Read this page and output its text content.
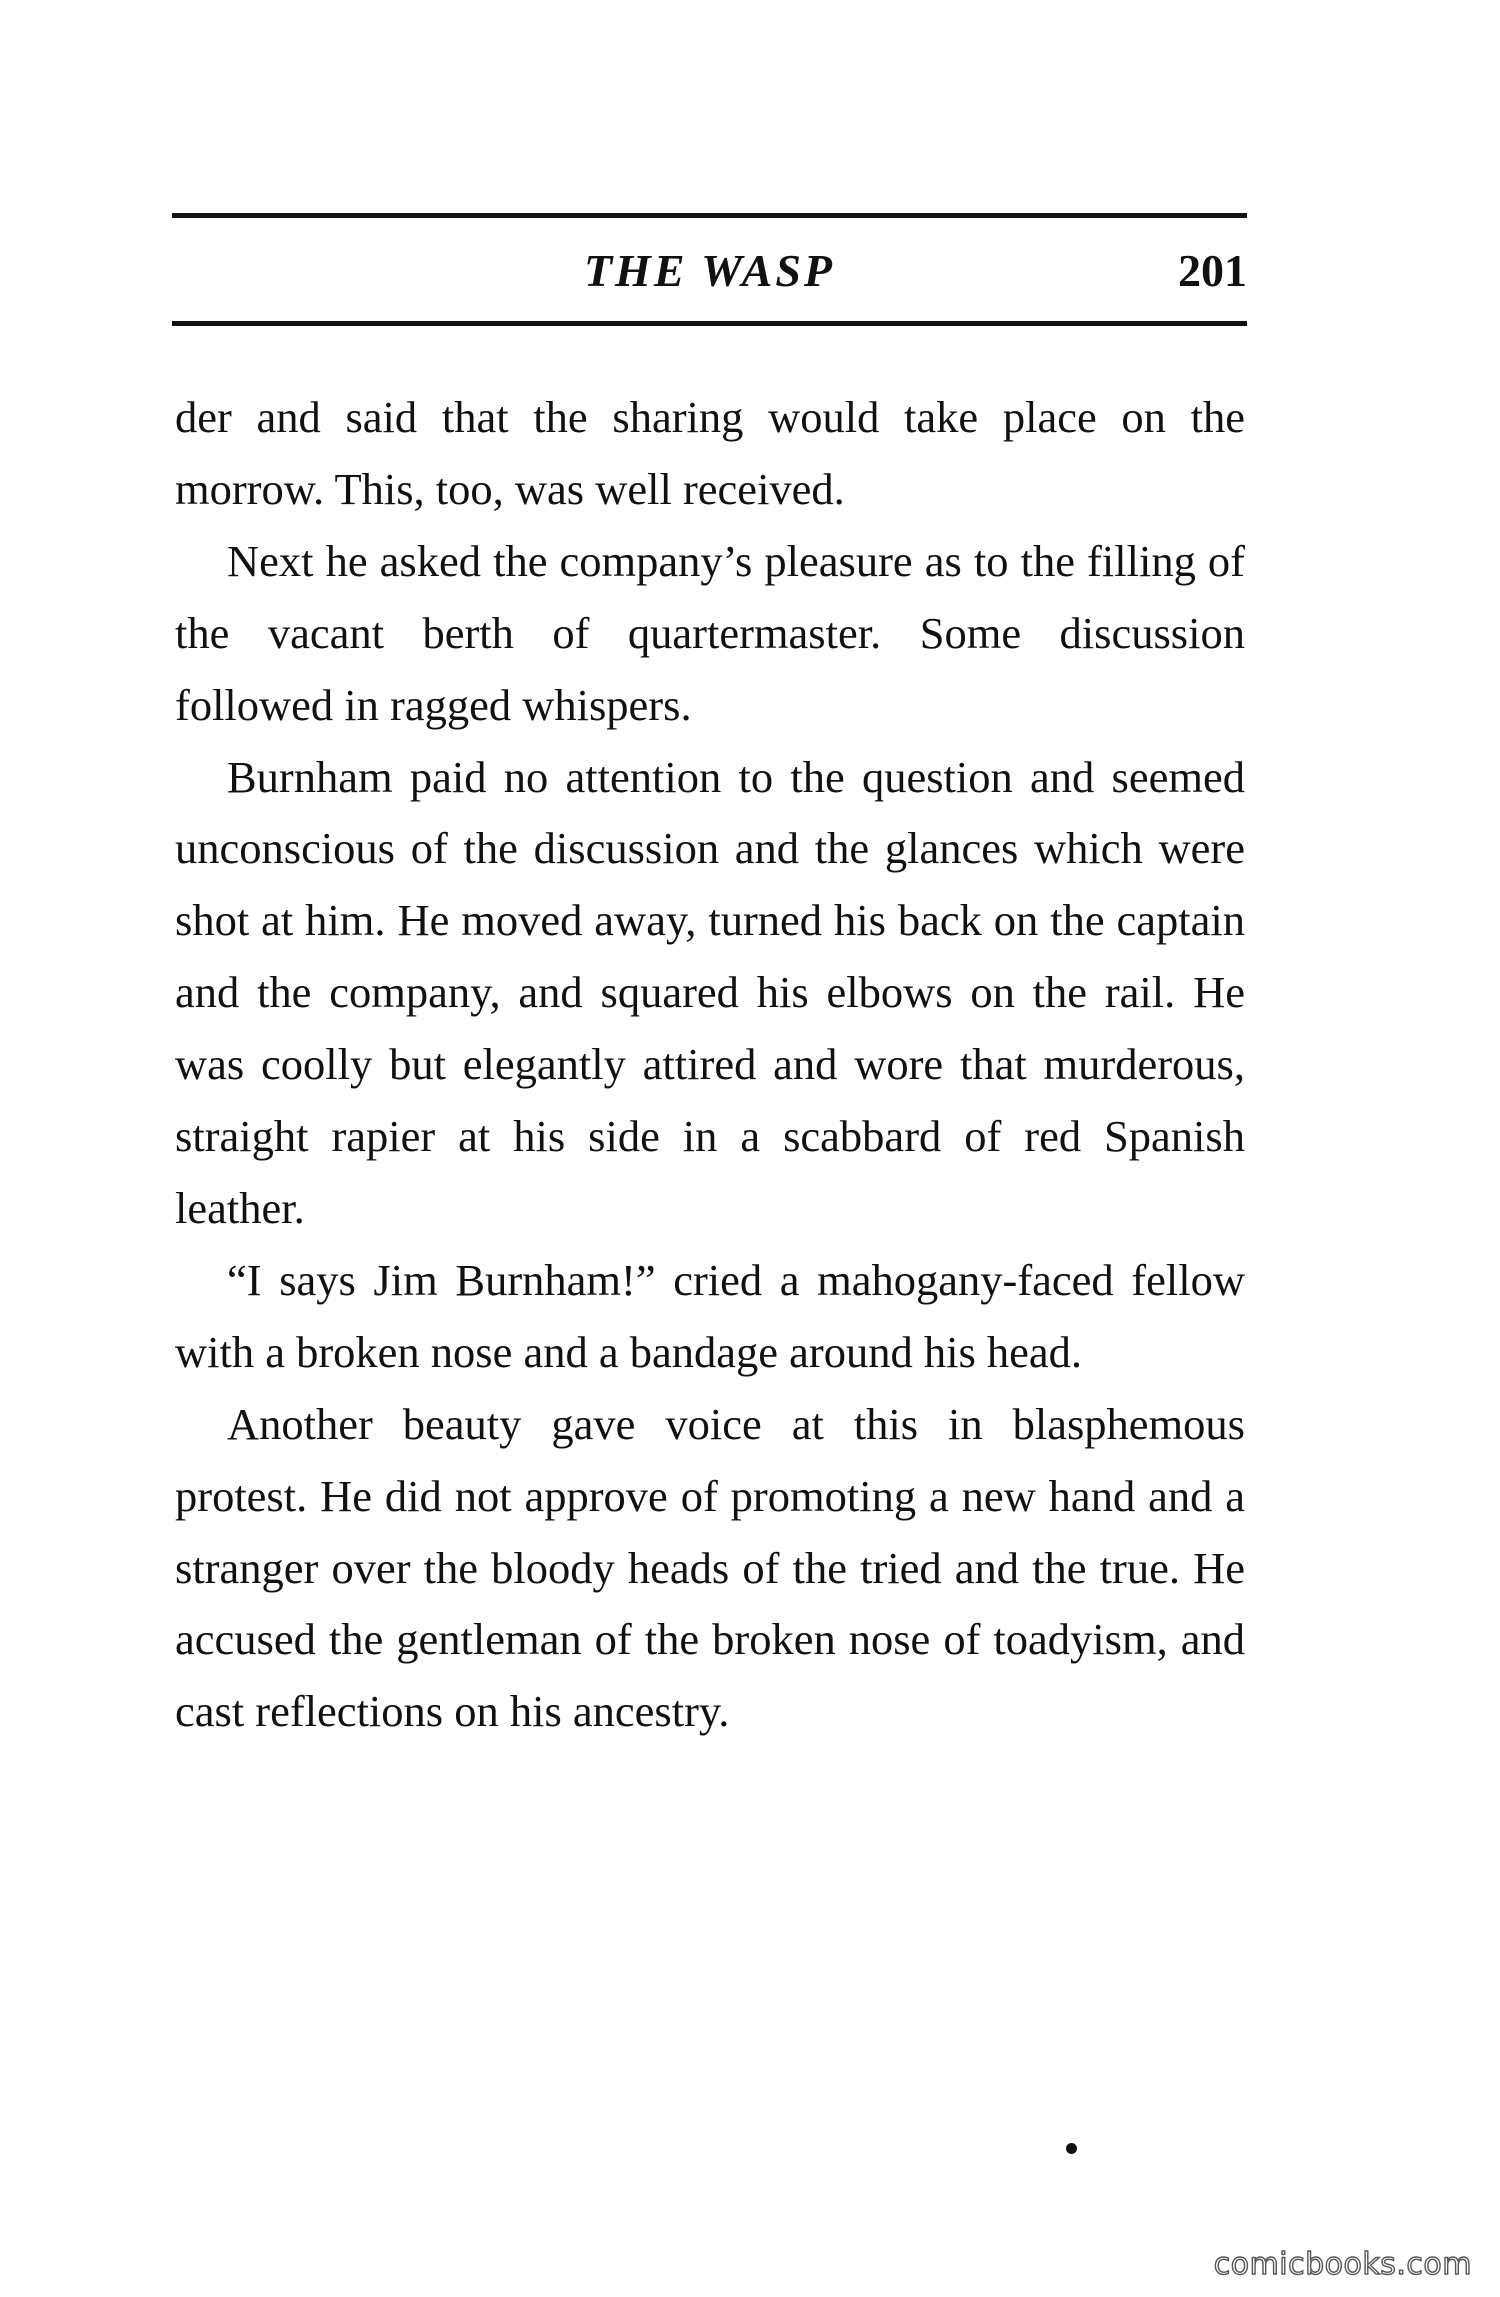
THE WASP	201

der and said that the sharing would take place on the morrow. This, too, was well received.

Next he asked the company’s pleasure as to the filling of the vacant berth of quartermaster. Some discussion followed in ragged whispers.

Burnham paid no attention to the question and seemed unconscious of the discussion and the glances which were shot at him. He moved away, turned his back on the captain and the company, and squared his elbows on the rail. He was coolly but elegantly attired and wore that murderous, straight rapier at his side in a scabbard of red Spanish leather.

“I says Jim Burnham!” cried a mahogany-faced fellow with a broken nose and a bandage around his head.

Another beauty gave voice at this in blasphemous protest. He did not approve of promoting a new hand and a stranger over the bloody heads of the tried and the true. He accused the gentleman of the broken nose of toadyism, and cast reflections on his ancestry.

comicbooks.com
